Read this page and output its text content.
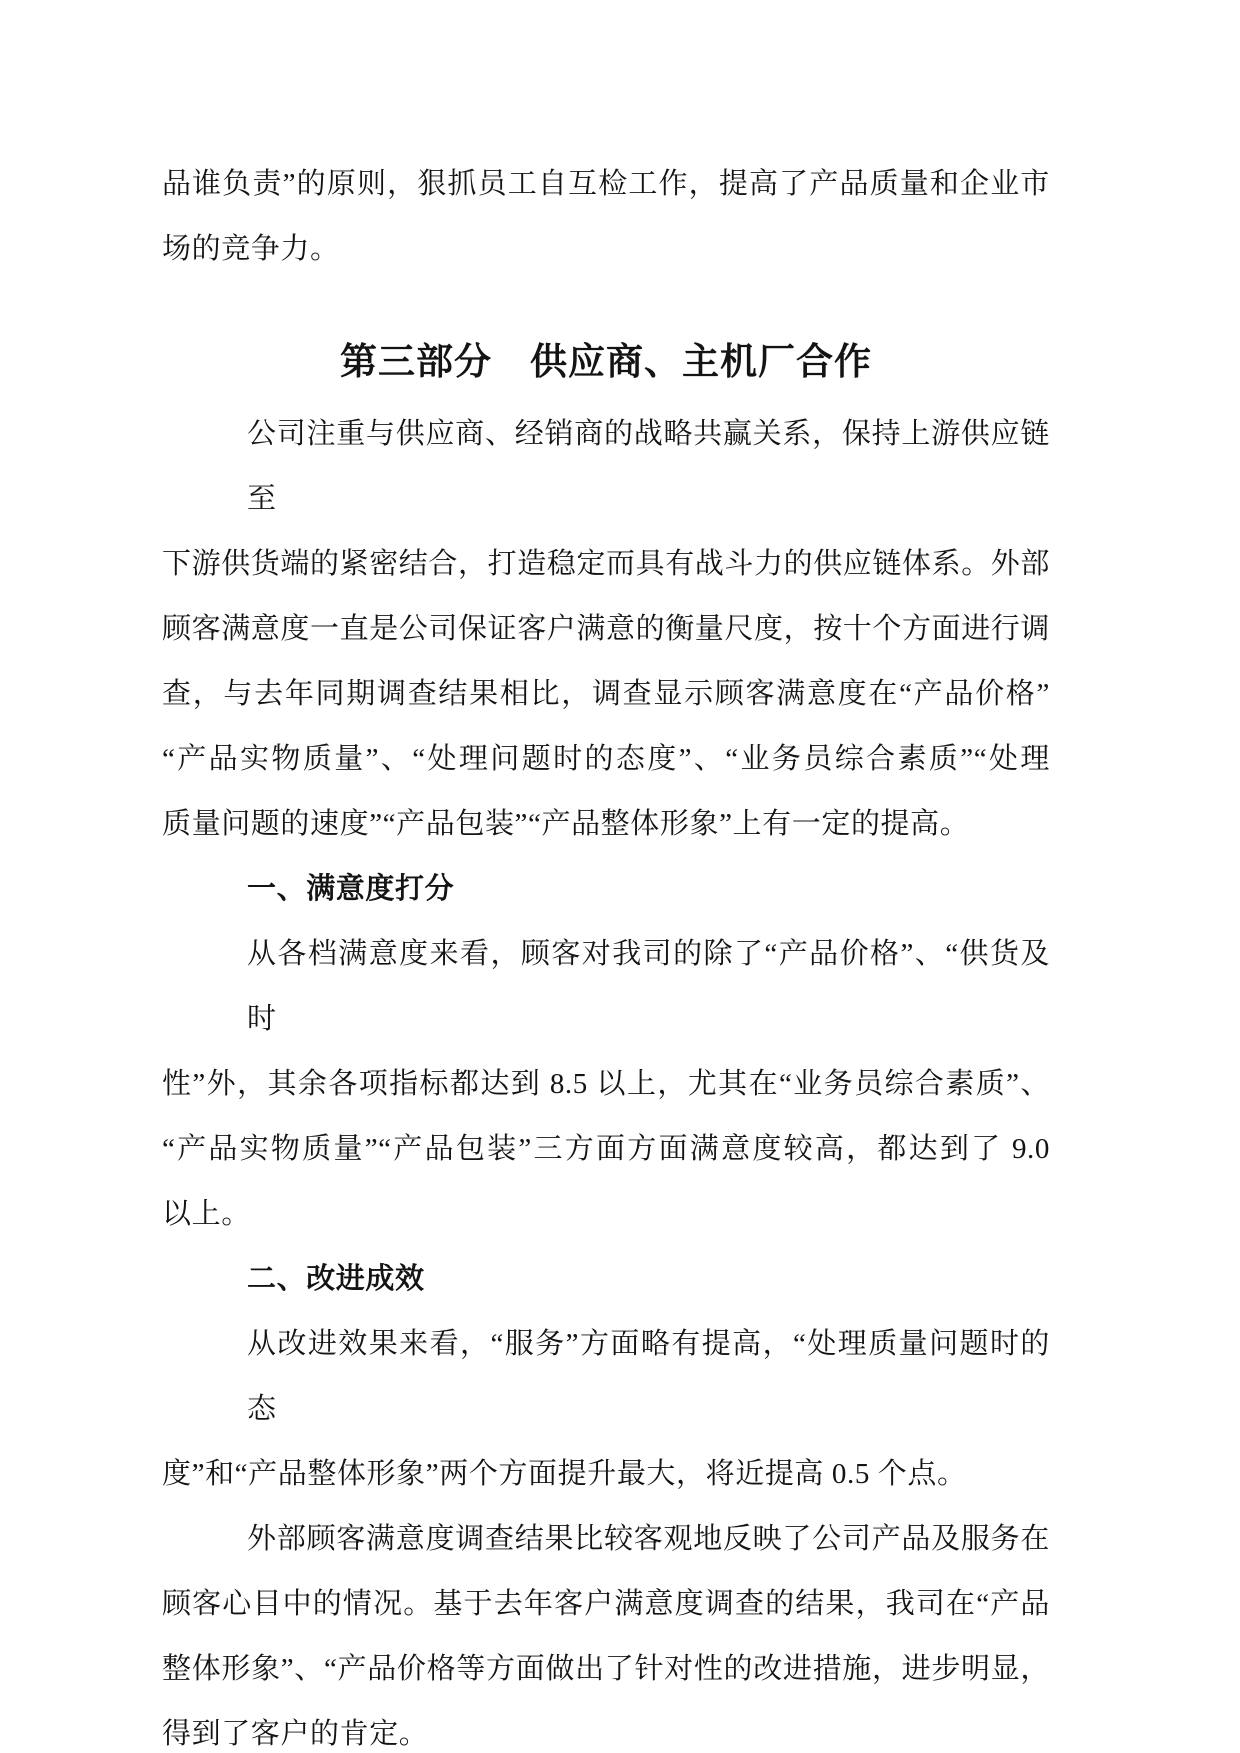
品谁负责”的原则，狠抓员工自互检工作，提高了产品质量和企业市
场的竞争力。
第三部分　供应商、主机厂合作
公司注重与供应商、经销商的战略共赢关系，保持上游供应链至
下游供货端的紧密结合，打造稳定而具有战斗力的供应链体系。外部
顾客满意度一直是公司保证客户满意的衡量尺度，按十个方面进行调
查，与去年同期调查结果相比，调查显示顾客满意度在“产品价格”
“产品实物质量”、“处理问题时的态度”、“业务员综合素质”“处理
质量问题的速度”“产品包装”“产品整体形象”上有一定的提高。
一、满意度打分
从各档满意度来看，顾客对我司的除了“产品价格”、“供货及时
性”外，其余各项指标都达到 8.5 以上，尤其在“业务员综合素质”、
“产品实物质量”“产品包装”三方面方面满意度较高，都达到了 9.0
以上。
二、改进成效
从改进效果来看，“服务”方面略有提高，“处理质量问题时的态
度”和“产品整体形象”两个方面提升最大，将近提高 0.5 个点。
外部顾客满意度调查结果比较客观地反映了公司产品及服务在
顾客心目中的情况。基于去年客户满意度调查的结果，我司在“产品
整体形象”、“产品价格等方面做出了针对性的改进措施，进步明显，
得到了客户的肯定。
